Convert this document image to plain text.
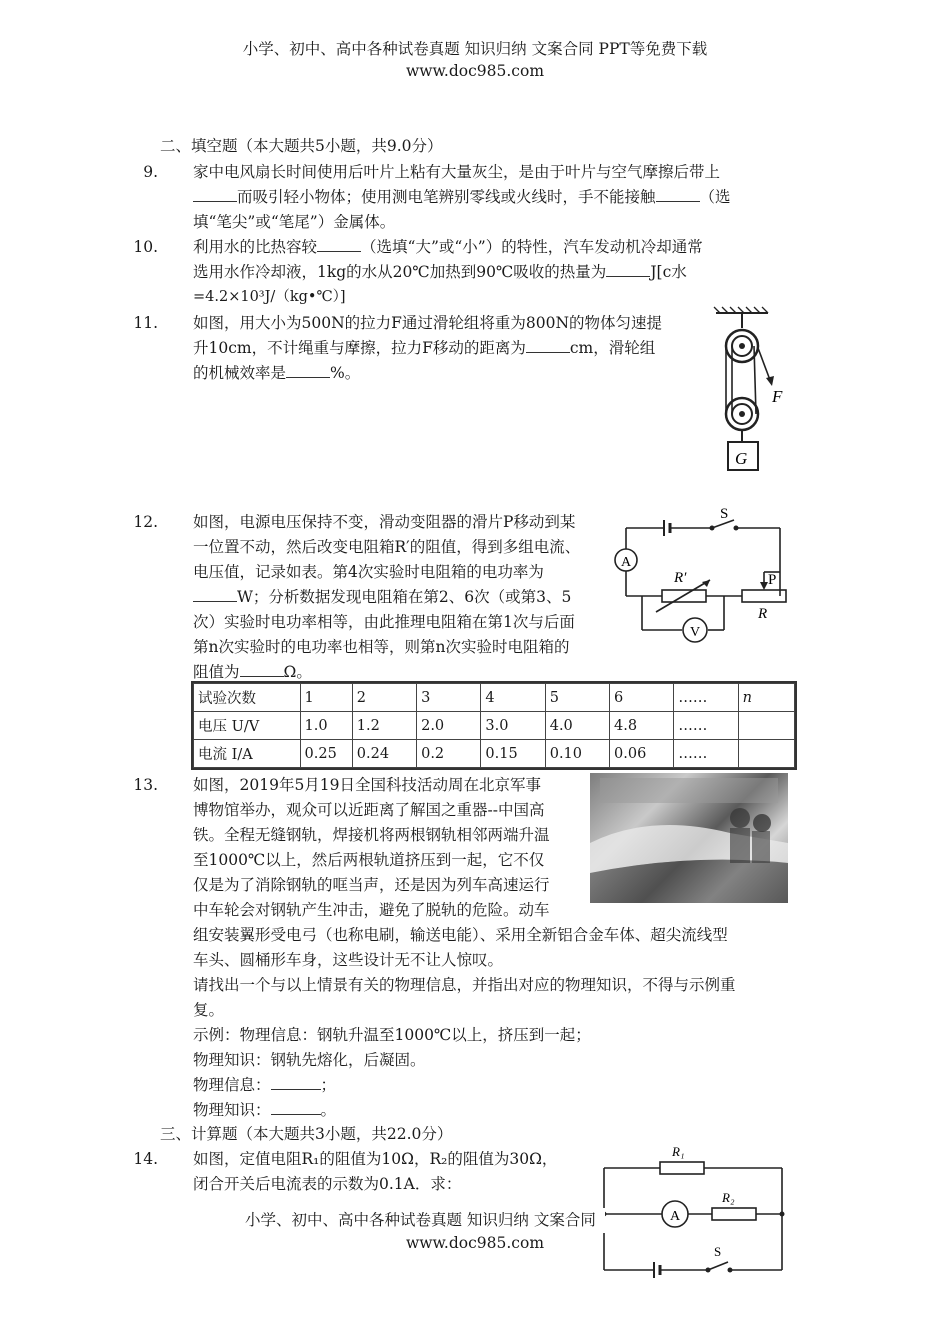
小学、初中、高中各种试卷真题 知识归纳 文案合同 PPT等免费下载
www.doc985.com
二、填空题（本大题共5小题，共9.0分）
9. 家中电风扇长时间使用后叶片上粘有大量灰尘，是由于叶片与空气摩擦后带上
而吸引轻小物体；使用测电笔辨别零线或火线时，手不能接触	（选
填“笔尖”或“笔尾”）金属体。
10. 利用水的比热容较	（选填“大”或“小”）的特性，汽车发动机冷却通常
选用水作冷却液，1kg的水从20℃加热到90℃吸收的热量为	J[c水
=4.2×10³J/（kg•℃）]
11. 如图，用大小为500N的拉力F通过滑轮组将重为800N的物体匀速提
升10cm，不计绳重与摩擦，拉力F移动的距离为	cm，滑轮组
的机械效率是	%。
F
G
12. 如图，电源电压保持不变，滑动变阻器的滑片P移动到某
一位置不动，然后改变电阻箱R′的阻值，得到多组电流、
电压值，记录如表。第4次实验时电阻箱的电功率为
W；分析数据发现电阻箱在第2、6次（或第3、5
次）实验时电功率相等，由此推理电阻箱在第1次与后面
第n次实验时的电功率也相等，则第n次实验时电阻箱的
阻值为	Ω。
A
V
S
R′	P
R
试验次数	1	2	3	4	5	6	……	n
电压 U/V	1.0	1.2	2.0	3.0	4.0	4.8	……	
电流 I/A	0.25	0.24	0.2	0.15	0.10	0.06	……	
13. 如图，2019年5月19日全国科技活动周在北京军事
博物馆举办，观众可以近距离了解国之重器--中国高
铁。全程无缝钢轨，焊接机将两根钢轨相邻两端升温
至1000℃以上，然后两根轨道挤压到一起，它不仅
仅是为了消除钢轨的哐当声，还是因为列车高速运行
中车轮会对钢轨产生冲击，避免了脱轨的危险。动车
组安装翼形受电弓（也称电刷，输送电能）、采用全新铝合金车体、超尖流线型
车头、圆桶形车身，这些设计无不让人惊叹。
请找出一个与以上情景有关的物理信息，并指出对应的物理知识，不得与示例重
复。
示例：物理信息：钢轨升温至1000℃以上，挤压到一起；
物理知识：钢轨先熔化，后凝固。
物理信息：	；
物理知识：	。
三、计算题（本大题共3小题，共22.0分）
14. 如图，定值电阻R₁的阻值为10Ω，R₂的阻值为30Ω，
闭合开关后电流表的示数为0.1A．求：
A
R₁
R₂
S
小学、初中、高中各种试卷真题 知识归纳 文案合同
www.doc985.com
